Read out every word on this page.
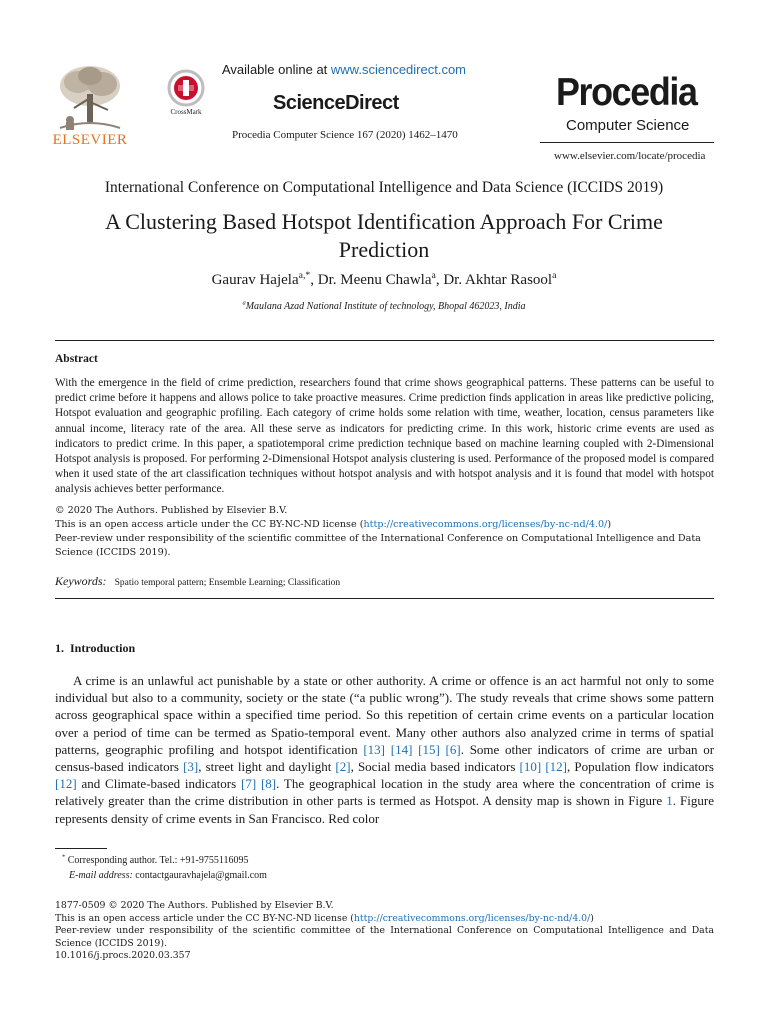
ELSEVIER
Available online at www.sciencedirect.com
CrossMark	ScienceDirect
Procedia Computer Science 167 (2020) 1462–1470
Procedia
Computer Science
www.elsevier.com/locate/procedia
International Conference on Computational Intelligence and Data Science (ICCIDS 2019)
A Clustering Based Hotspot Identification Approach For Crime
Prediction
Gaurav Hajela$^{a,*}$, Dr. Meenu Chawla$^a$, Dr. Akhtar Rasool$^a$
$^a$Maulana Azad National Institute of technology, Bhopal 462023, India
Abstract
With the emergence in the field of crime prediction, researchers found that crime shows geographical patterns. These patterns can be useful to predict crime before it happens and allows police to take proactive measures. Crime prediction finds application in areas like predictive policing, Hotspot evaluation and geographic profiling. Each category of crime holds some relation with time, weather, location, census parameters like annual income, literacy rate of the area. All these serve as indicators for predicting crime. In this work, historic crime events are used as indicators to predict crime. In this paper, a spatiotemporal crime prediction technique based on machine learning coupled with 2-Dimensional Hotspot analysis is proposed. For performing 2-Dimensional Hotspot analysis clustering is used. Performance of the proposed model is compared when it used state of the art classification techniques without hotspot analysis and with hotspot analysis and it is found that model with hotspot analysis achieves better performance.
© 2020 The Authors. Published by Elsevier B.V.
This is an open access article under the CC BY-NC-ND license (http://creativecommons.org/licenses/by-nc-nd/4.0/)
Peer-review under responsibility of the scientific committee of the International Conference on Computational Intelligence and Data Science (ICCIDS 2019).
Keywords: Spatio temporal pattern; Ensemble Learning; Classification
1.  Introduction
A crime is an unlawful act punishable by a state or other authority. A crime or offence is an act harmful not only to some individual but also to a community, society or the state (“a public wrong”). The study reveals that crime shows some pattern across geographical space within a specified time period. So this repetition of certain crime events on a particular location over a period of time can be termed as Spatio-temporal event. Many other authors also analyzed crime in terms of spatial patterns, geographic profiling and hotspot identification [13] [14] [15] [6]. Some other indicators of crime are urban or census-based indicators [3], street light and daylight [2], Social media based indicators [10] [12], Population flow indicators [12] and Climate-based indicators [7] [8]. The geographical location in the study area where the concentration of crime is relatively greater than the crime distribution in other parts is termed as Hotspot. A density map is shown in Figure 1. Figure represents density of crime events in San Francisco. Red color
* Corresponding author. Tel.: +91-9755116095
E-mail address: contactgauravhajela@gmail.com
1877-0509 © 2020 The Authors. Published by Elsevier B.V.
This is an open access article under the CC BY-NC-ND license (http://creativecommons.org/licenses/by-nc-nd/4.0/)
Peer-review under responsibility of the scientific committee of the International Conference on Computational Intelligence and Data Science (ICCIDS 2019).
10.1016/j.procs.2020.03.357
